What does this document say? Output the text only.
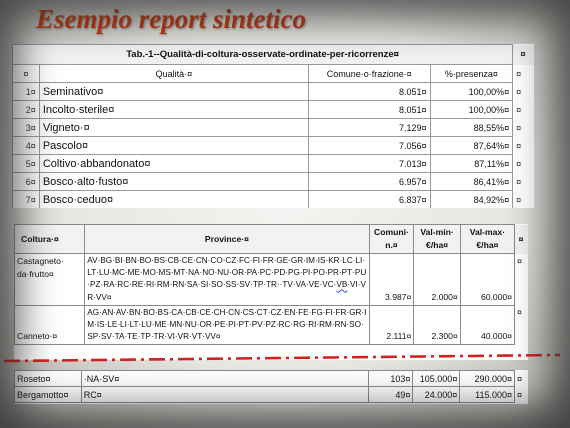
Esempio report sintetico
Tab.-1--Qualità-di-coltura-osservate-ordinate-per-ricorrenze¤				¤
¤	Qualità·¤	Comune·o·frazione·¤	%·presenza¤	¤
1¤	Seminativo¤	8.051¤	100,00%¤	¤
2¤	Incolto·sterile¤	8.051¤	100,00%¤	¤
3¤	Vigneto·¤	7.129¤	88,55%¤	¤
4¤	Pascolo¤	7.056¤	87,64%¤	¤
5¤	Coltivo·abbandonato¤	7.013¤	87,11%¤	¤
6¤	Bosco·alto·fusto¤	6.957¤	86,41%¤	¤
7¤	Bosco·ceduo¤	6.837¤	84,92%¤	¤
Coltura·¤	Province·¤	Comuni· n.¤	Val-min· €/ha¤	Val-max· €/ha¤	¤
Castagneto· da·frutto¤	AV·BG·BI·BN·BO·BS·CB·CE·CN·CO·CZ·FC·FI·FR·GE·GR·IM·IS·KR·LC·LI·LT·LU·MC·ME·MO·MS·MT·NA·NO·NU·OR·PA·PC·PD·PG·PI·PO·PR·PT·PU·PZ·RA·RC·RE·RI·RM·RN·SA·SI·SO·SS·SV·TP·TR··TV·VA·VE·VC·VB·VI·VR·VV¤	3.987¤	2.000¤	60.000¤	¤
Canneto·¤	AG·AN·AV·BN·BO·BS·CA·CB·CE·CH·CN·CS·CT·CZ·EN·FE·FG·FI·FR·GR·IM·IS·LE·LI·LT·LU·ME·MN·NU·OR·PE·PI·PT·PV·PZ·RC·RG·RI·RM·RN·SO·SP·SV·TA·TE·TP·TR·VI·VR·VT·VV¤	2.111¤	2.300¤	40.000¤	¤
Roseto¤	·NA·SV¤	103¤	105.000¤	290.000¤	¤
Bergamotto¤	RC¤	49¤	24.000¤	115.000¤	¤
